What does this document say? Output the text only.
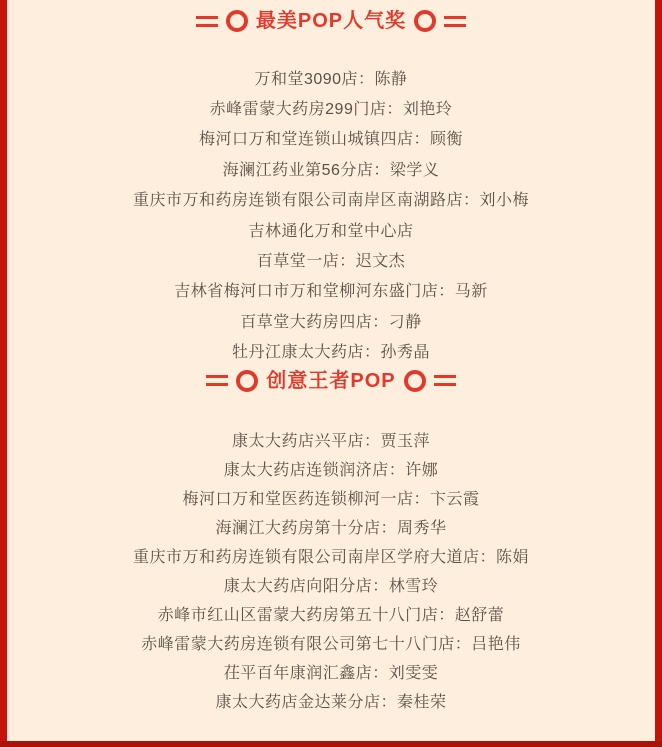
最美POP人气奖
万和堂3090店：陈静
赤峰雷蒙大药房299门店：刘艳玲
梅河口万和堂连锁山城镇四店：顾衡
海澜江药业第56分店：梁学义
重庆市万和药房连锁有限公司南岸区南湖路店：刘小梅
吉林通化万和堂中心店
百草堂一店：迟文杰
吉林省梅河口市万和堂柳河东盛门店：马新
百草堂大药房四店：刁静
牡丹江康太大药店：孙秀晶
创意王者POP
康太大药店兴平店：贾玉萍
康太大药店连锁润济店：许娜
梅河口万和堂医药连锁柳河一店：卞云霞
海澜江大药房第十分店：周秀华
重庆市万和药房连锁有限公司南岸区学府大道店：陈娟
康太大药店向阳分店：林雪玲
赤峰市红山区雷蒙大药房第五十八门店：赵舒蕾
赤峰雷蒙大药房连锁有限公司第七十八门店：吕艳伟
茌平百年康润汇鑫店：刘雯雯
康太大药店金达莱分店：秦桂荣
